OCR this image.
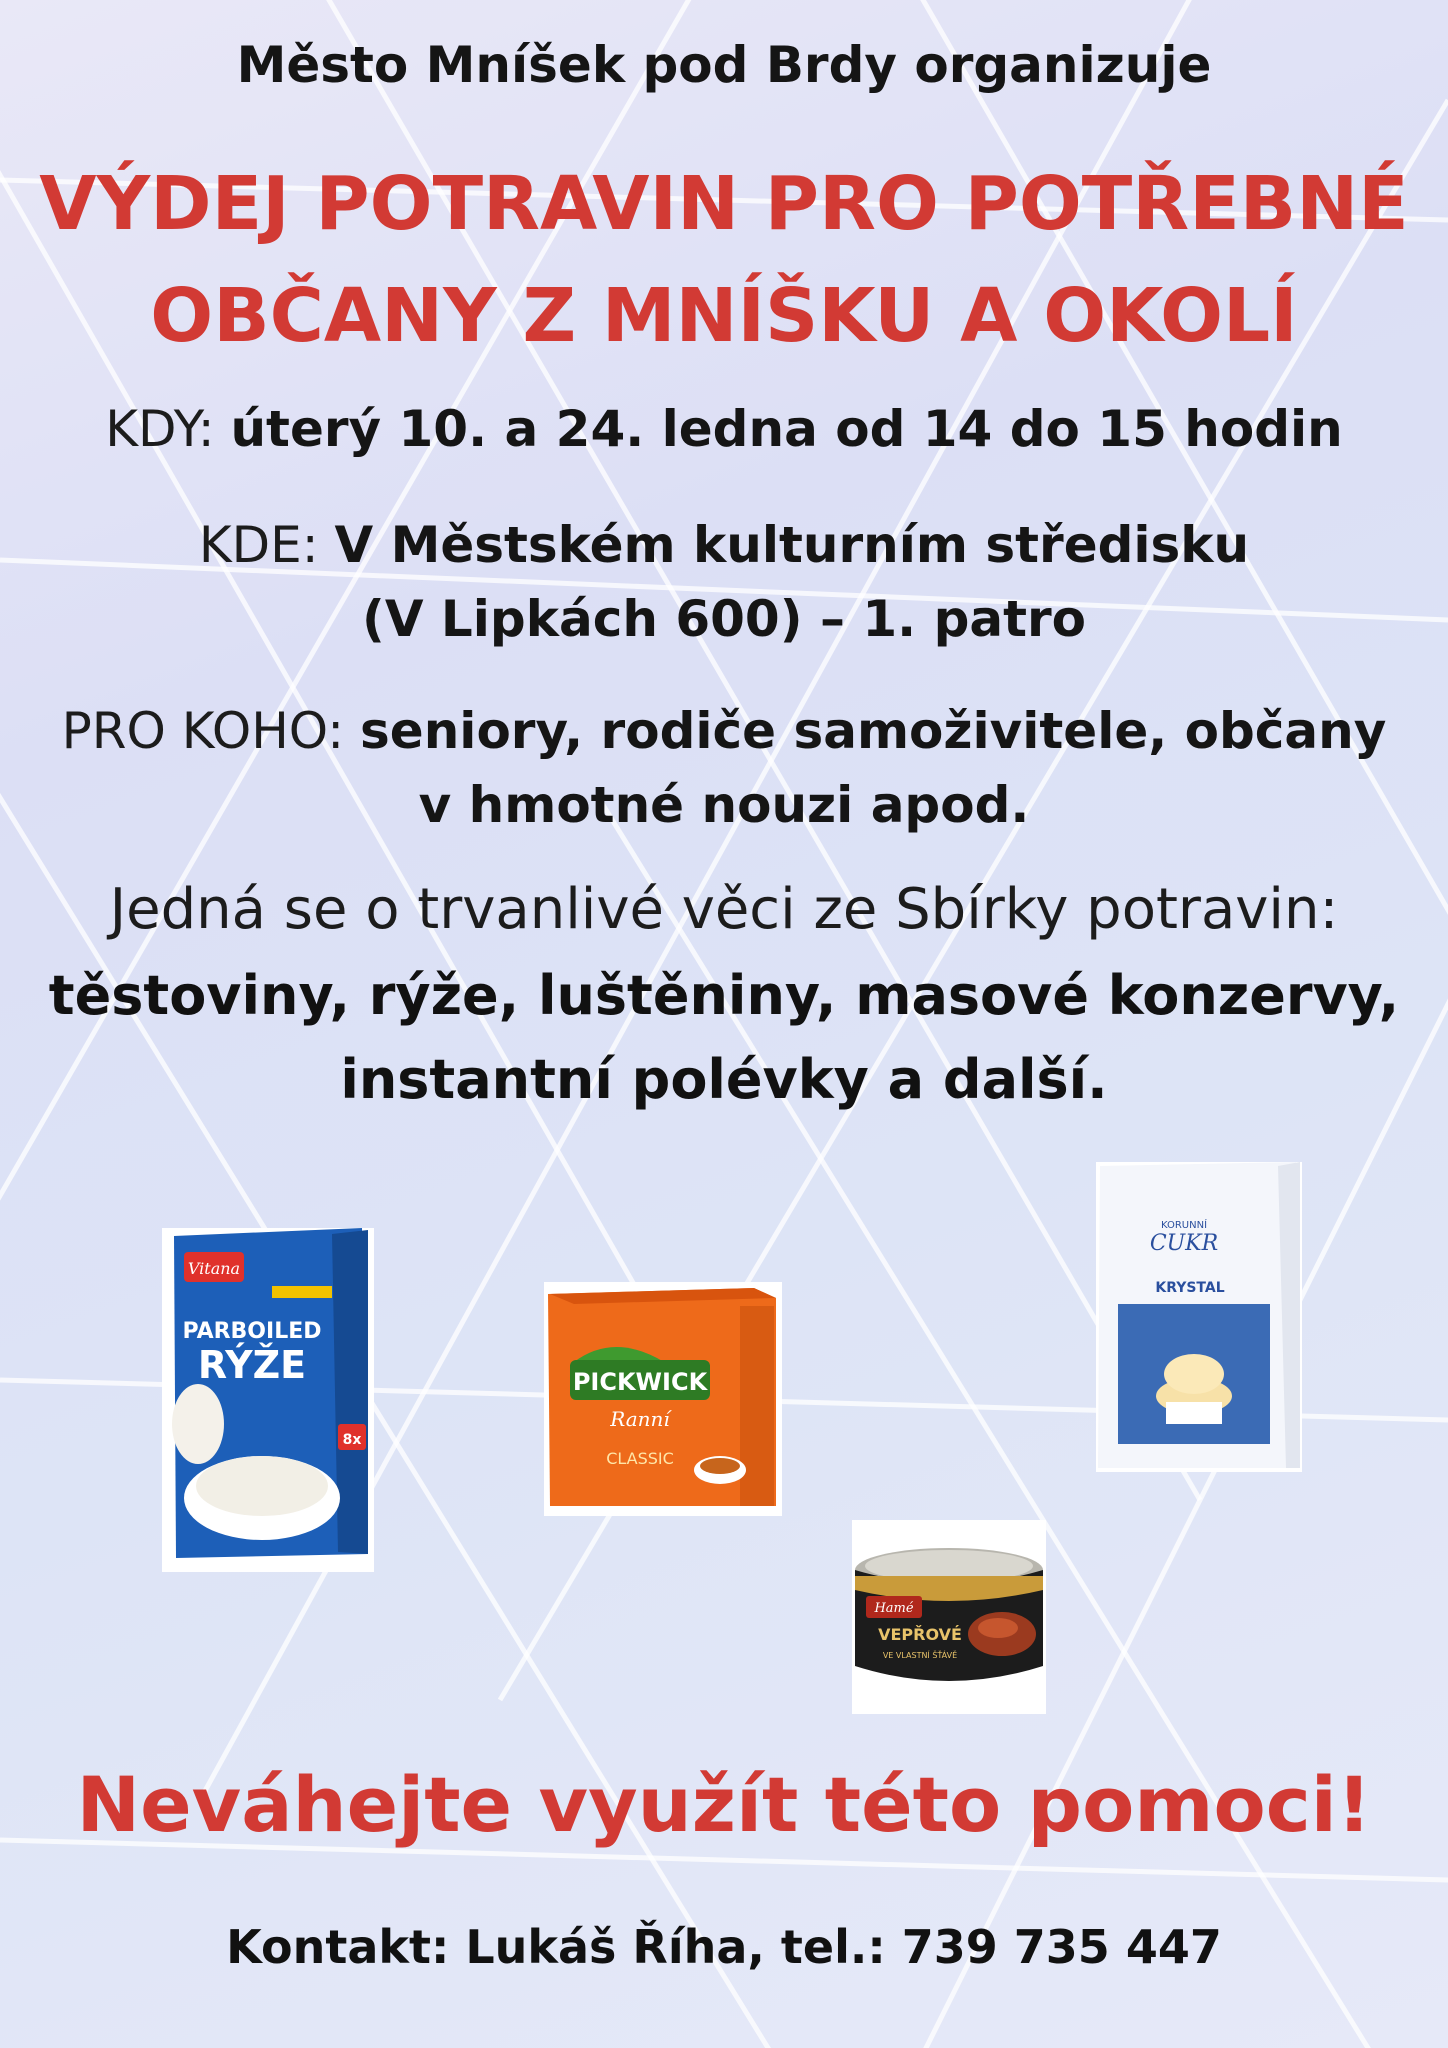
Město Mníšek pod Brdy organizuje
VÝDEJ POTRAVIN PRO POTŘEBNÉ
OBČANY Z MNÍŠKU A OKOLÍ
KDY: úterý 10. a 24. ledna od 14 do 15 hodin
KDE: V Městském kulturním středisku
(V Lipkách 600) – 1. patro
PRO KOHO: seniory, rodiče samoživitele, občany
v hmotné nouzi apod.
Jedná se o trvanlivé věci ze Sbírky potravin:
těstoviny, rýže, luštěniny, masové konzervy,
instantní polévky a další.
Vitana
PARBOILED
RÝŽE
8x
PICKWICK
Ranní
CLASSIC
KORUNNÍ
CUKR
KRYSTAL
Hamé
VEPŘOVÉ
VE VLASTNÍ ŠŤÁVĚ
Neváhejte využít této pomoci!
Kontakt: Lukáš Říha, tel.: 739 735 447
